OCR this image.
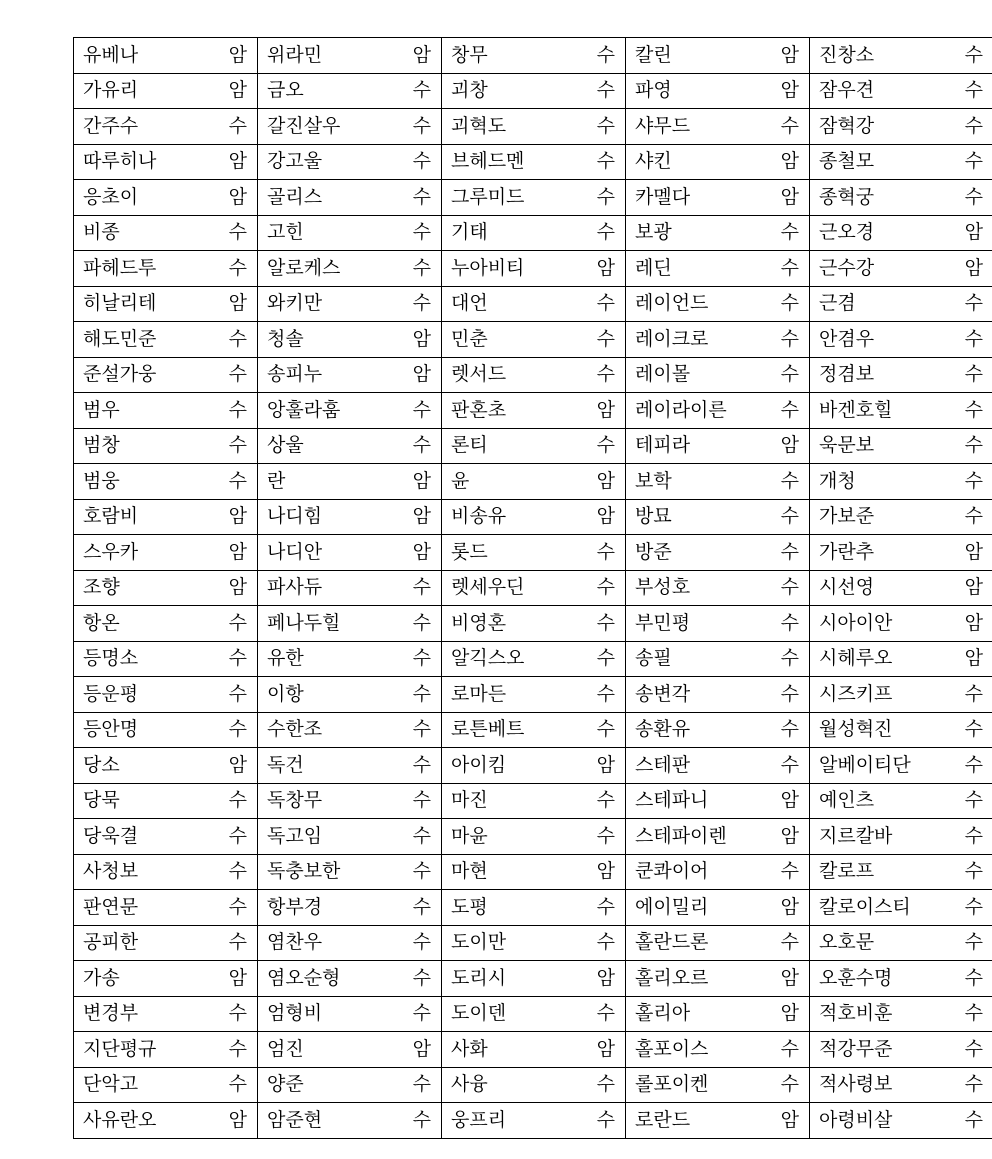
유베나	암	위라민	암	창무	수	칼린	암	진창소	수
가유리	암	금오	수	괴창	수	파영	암	잠우견	수
간주수	수	갈진살우	수	괴혁도	수	샤무드	수	잠혁강	수
따루히나	암	강고울	수	브헤드멘	수	샤킨	암	종철모	수
응초이	암	골리스	수	그루미드	수	카멜다	암	종혁궁	수
비종	수	고힌	수	기태	수	보광	수	근오경	암
파헤드투	수	알로케스	수	누아비티	암	레딘	수	근수강	암
히날리테	암	와키만	수	대언	수	레이언드	수	근겸	수
해도민준	수	청솔	암	민춘	수	레이크로	수	안겸우	수
준설가웅	수	송피누	암	렛서드	수	레이몰	수	정겸보	수
범우	수	앙훌라훔	수	판혼초	암	레이라이른	수	바겐호힐	수
범창	수	상울	수	론티	수	테피라	암	욱문보	수
범웅	수	란	암	윤	암	보학	수	개청	수
호람비	암	나디힘	암	비송유	암	방묘	수	가보준	수
스우카	암	나디안	암	롯드	수	방준	수	가란추	암
조향	암	파사듀	수	렛세우딘	수	부성호	수	시선영	암
항온	수	페나두힐	수	비영혼	수	부민평	수	시아이안	암
등명소	수	유한	수	알긱스오	수	송필	수	시헤루오	암
등운평	수	이항	수	로마든	수	송변각	수	시즈키프	수
등안명	수	수한조	수	로튼베트	수	송환유	수	월성혁진	수
당소	암	독건	수	아이킴	암	스테판	수	알베이티단	수
당묵	수	독창무	수	마진	수	스테파니	암	예인츠	수
당욱결	수	독고임	수	마윤	수	스테파이렌	암	지르칼바	수
사청보	수	독충보한	수	마현	암	쿤콰이어	수	칼로프	수
판연문	수	항부경	수	도평	수	에이밀리	암	칼로이스티	수
공피한	수	염찬우	수	도이만	수	홀란드론	수	오호문	수
가송	암	염오순형	수	도리시	암	홀리오르	암	오훈수명	수
변경부	수	엄형비	수	도이덴	수	홀리아	암	적호비훈	수
지단평규	수	엄진	암	사화	암	홀포이스	수	적강무준	수
단악고	수	양준	수	사융	수	롤포이켄	수	적사령보	수
사유란오	암	암준현	수	웅프리	수	로란드	암	아령비살	수
